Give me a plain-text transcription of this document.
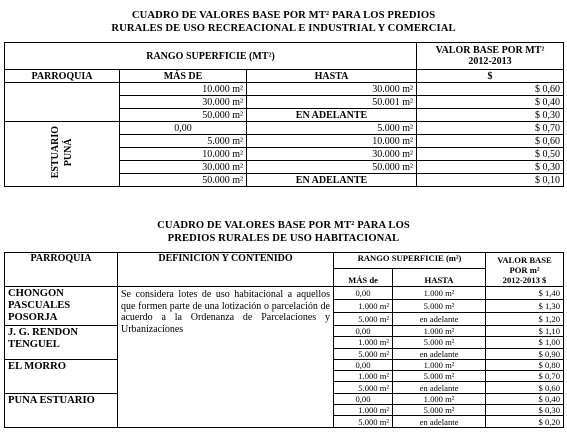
CUADRO DE VALORES BASE POR MT² PARA LOS PREDIOS
RURALES DE USO RECREACIONAL E INDUSTRIAL Y COMERCIAL
RANGO SUPERFICIE (MT²)			VALOR BASE POR MT²
2012-2013

PARROQUIA	MÁS DE	HASTA	$
	10.000 m²	30.000 m²	$ 0,60
	30.000 m²	50.001 m²	$ 0,40
	50.000 m²	EN ADELANTE	$ 0,30

ESTUARIO PUNÁ	0,00	5.000 m²	$ 0,70
	5.000 m²	10.000 m²	$ 0,60
	10.000 m²	30.000 m²	$ 0,50
	30.000 m²	50.000 m²	$ 0,30
	50.000 m²	EN ADELANTE	$ 0,10
CUADRO DE VALORES BASE POR MT² PARA LOS
PREDIOS RURALES DE USO HABITACIONAL
PARROQUIA	DEFINICION Y CONTENIDO	RANGO SUPERFICIE (m²)		VALOR BASE
POR m²
2012-2013 $

		MÁS de	HASTA	

CHONGON
PASCUALES
POSORJA	Se considera lotes de uso habitacional a aquellos que formen parte de una lotización o parcelación de acuerdo a la Ordenanza de Parcelaciones y Urbanizaciones	0,00	1.000 m²	$ 1,40
		1.000 m²	5.000 m²	$ 1,30
		5.000 m²	en adelante	$ 1,20

J. G. RENDON
TENGUEL		0,00	1.000 m²	$ 1,10
		1.000 m²	5.000 m²	$ 1,00
		5.000 m²	en adelante	$ 0,90

EL MORRO		0,00	1.000 m²	$ 0,80
		1.000 m²	5.000 m²	$ 0,70
		5.000 m²	en adelante	$ 0,60

PUNA ESTUARIO		0,00	1.000 m²	$ 0,40
		1.000 m²	5.000 m²	$ 0,30
		5.000 m²	en adelante	$ 0,20
